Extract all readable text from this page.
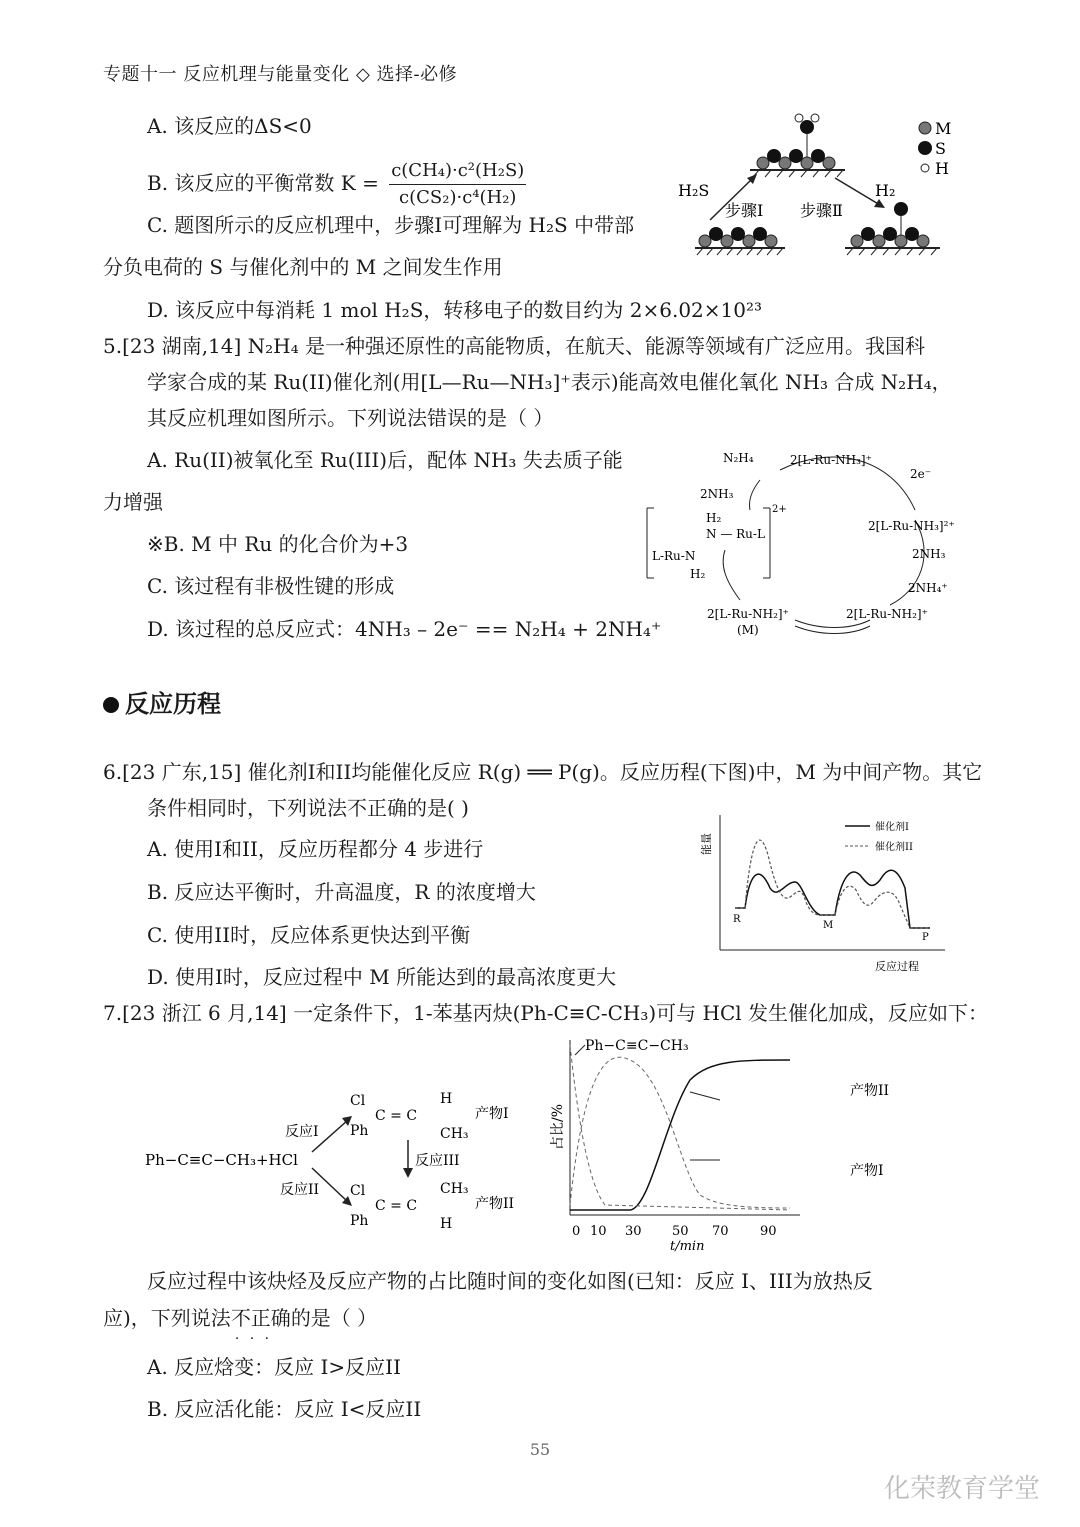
专题十一 反应机理与能量变化 ◇ 选择-必修
A. 该反应的ΔS<0
B. 该反应的平衡常数 $K = \frac{\text{c(CH₄)·c²(H₂S)}}{\text{c(CS₂)·c⁴(H₂)}}$
C. 题图所示的反应机理中，步骤I可理解为 H₂S 中带部
分负电荷的 S 与催化剂中的 M 之间发生作用
D. 该反应中每消耗 1 mol H₂S，转移电子的数目约为 2×6.02×10²³
H₂S	H₂
步骤Ⅰ 步骤Ⅱ
M
S
H
5.[23 湖南,14] N₂H₄ 是一种强还原性的高能物质，在航天、能源等领域有广泛应用。我国科
学家合成的某 Ru(II)催化剂(用[L—Ru—NH₃]⁺表示)能高效电催化氧化 NH₃ 合成 N₂H₄，
其反应机理如图所示。下列说法错误的是（ ）
A. Ru(II)被氧化至 Ru(III)后，配体 NH₃ 失去质子能
力增强
※B. M 中 Ru 的化合价为+3
C. 该过程有非极性键的形成
D. 该过程的总反应式：4NH₃ – 2e⁻ == N₂H₄ + 2NH₄⁺
N₂H₄	2[L-Ru-NH₃]⁺
2e⁻
2[L-Ru-NH₃]²⁺
2NH₃
2NH₄⁺
2[L-Ru-NH₂]⁺
2[L-Ru-NH₂]⁺
(M)
2NH₃
2+
H₂
N — Ru-L
L-Ru-N
H₂
反应历程
6.[23 广东,15] 催化剂I和II均能催化反应 R(g) ══ P(g)。反应历程(下图)中，M 为中间产物。其它
条件相同时，下列说法不正确的是( )
A. 使用I和II，反应历程都分 4 步进行
B. 反应达平衡时，升高温度，R 的浓度增大
C. 使用II时，反应体系更快达到平衡
D. 使用I时，反应过程中 M 所能达到的最高浓度更大
能量
反应过程
R
M
P
催化剂I
催化剂II
7.[23 浙江 6 月,14] 一定条件下，1-苯基丙炔(Ph-C≡C-CH₃)可与 HCl 发生催化加成，反应如下：
Ph−C≡C−CH₃+HCl
反应I
反应II
Cl
Ph
C = C
H
CH₃
产物I
反应III
Cl
Ph
C = C
CH₃
H
产物II
占比/%
0 10 30 50 70 90
t/min
Ph−C≡C−CH₃
产物II
产物I
反应过程中该炔烃及反应产物的占比随时间的变化如图(已知：反应 I、III为放热反
应)，下列说法不正确 · · ·的是（ ）
A. 反应焓变：反应 I>反应II
B. 反应活化能：反应 I<反应II
55
化荣教育学堂
